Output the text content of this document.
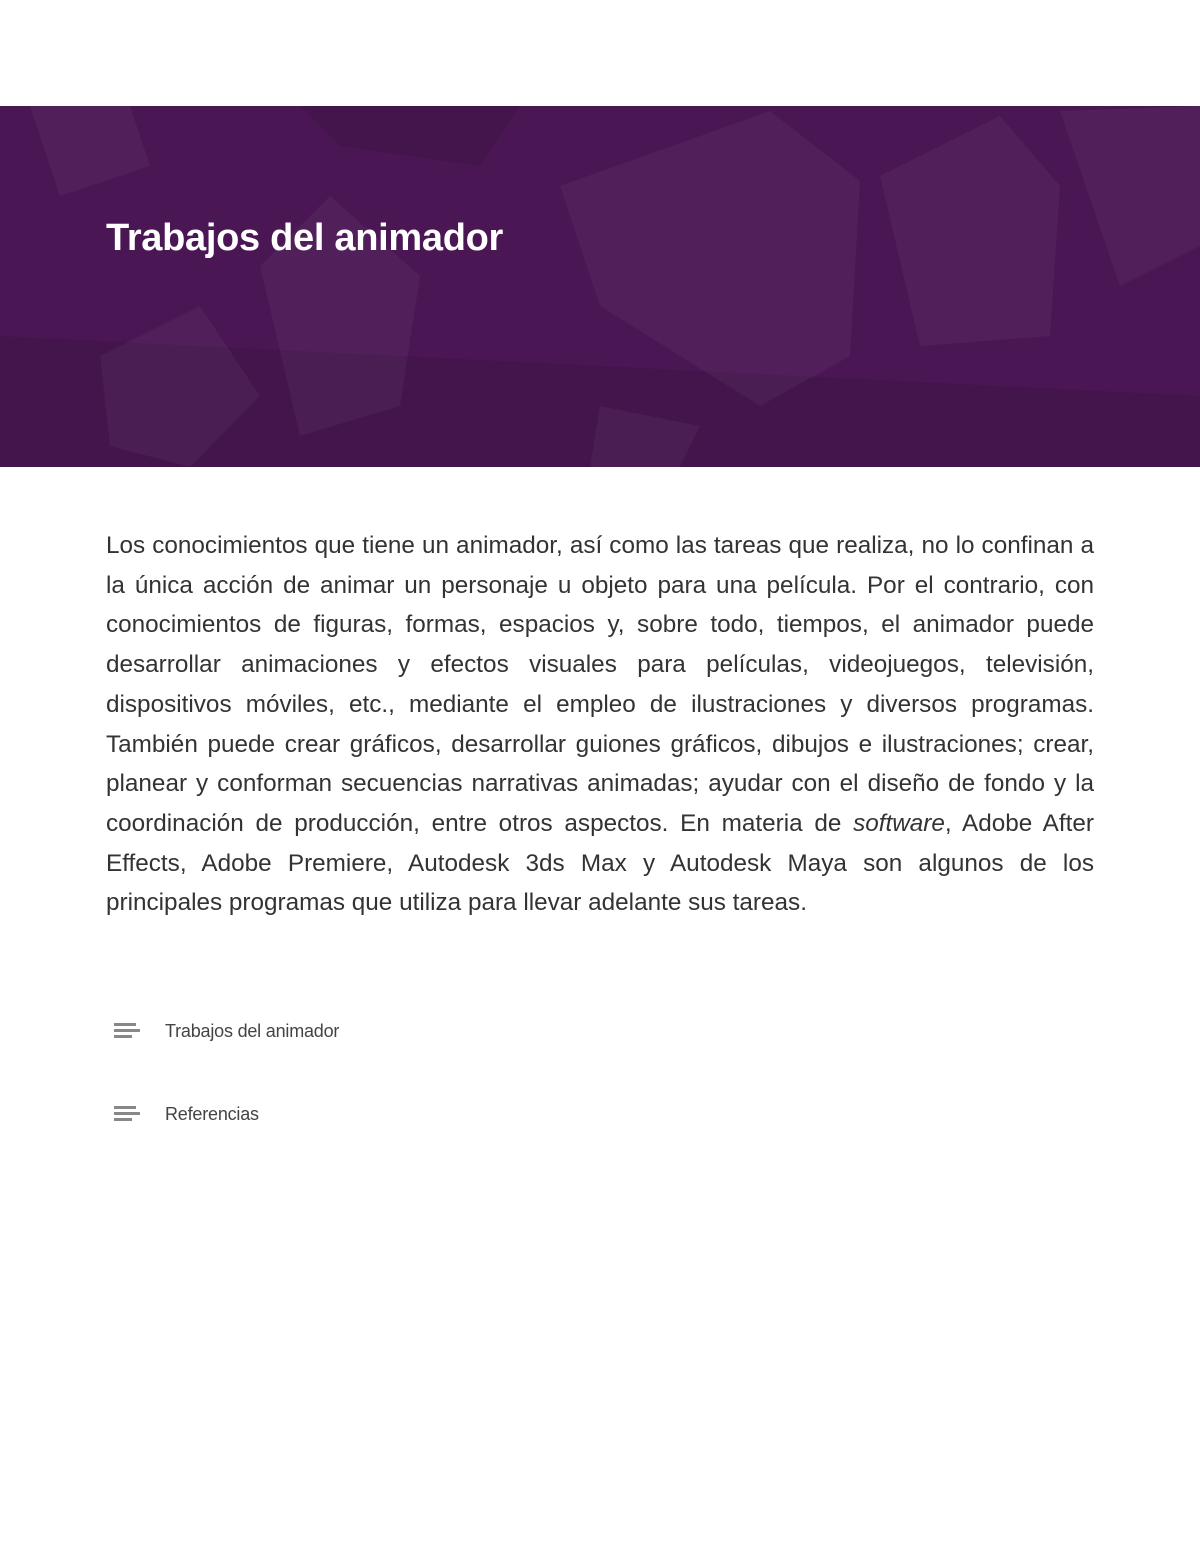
Trabajos del animador

Los conocimientos que tiene un animador, así como las tareas que realiza, no lo confinan a la única acción de animar un personaje u objeto para una película. Por el contrario, con conocimientos de figuras, formas, espacios y, sobre todo, tiempos, el animador puede desarrollar animaciones y efectos visuales para películas, videojuegos, televisión, dispositivos móviles, etc., mediante el empleo de ilustraciones y diversos programas. También puede crear gráficos, desarrollar guiones gráficos, dibujos e ilustraciones; crear, planear y conforman secuencias narrativas animadas; ayudar con el diseño de fondo y la coordinación de producción, entre otros aspectos. En materia de software, Adobe After Effects, Adobe Premiere, Autodesk 3ds Max y Autodesk Maya son algunos de los principales programas que utiliza para llevar adelante sus tareas.

Trabajos del animador
Referencias
